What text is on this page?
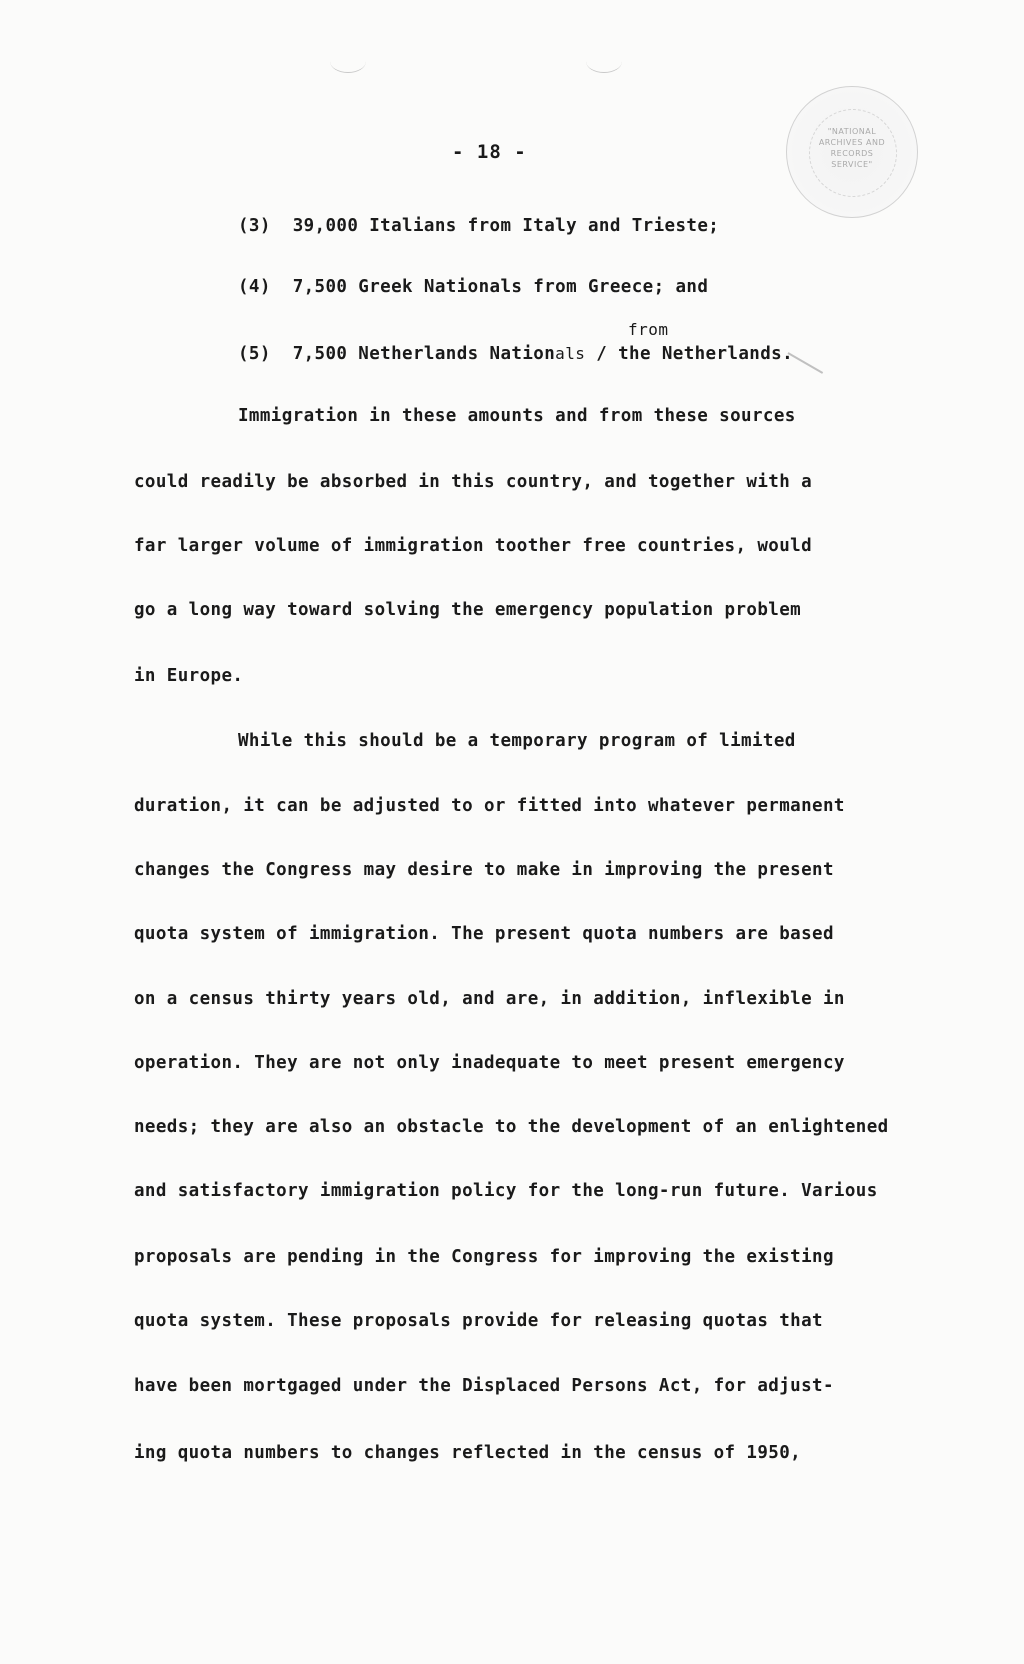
"NATIONAL
ARCHIVES AND
RECORDS
SERVICE"
- 18 -
(3) 39,000 Italians from Italy and Trieste;
(4) 7,500 Greek Nationals from Greece; and
from
(5) 7,500 Netherlands Nationals / the Netherlands.
Immigration in these amounts and from these sources
could readily be absorbed in this country, and together with a
far larger volume of immigration toother free countries, would
go a long way toward solving the emergency population problem
in Europe.
While this should be a temporary program of limited
duration, it can be adjusted to or fitted into whatever permanent
changes the Congress may desire to make in improving the present
quota system of immigration. The present quota numbers are based
on a census thirty years old, and are, in addition, inflexible in
operation. They are not only inadequate to meet present emergency
needs; they are also an obstacle to the development of an enlightened
and satisfactory immigration policy for the long-run future. Various
proposals are pending in the Congress for improving the existing
quota system. These proposals provide for releasing quotas that
have been mortgaged under the Displaced Persons Act, for adjust-
ing quota numbers to changes reflected in the census of 1950,
